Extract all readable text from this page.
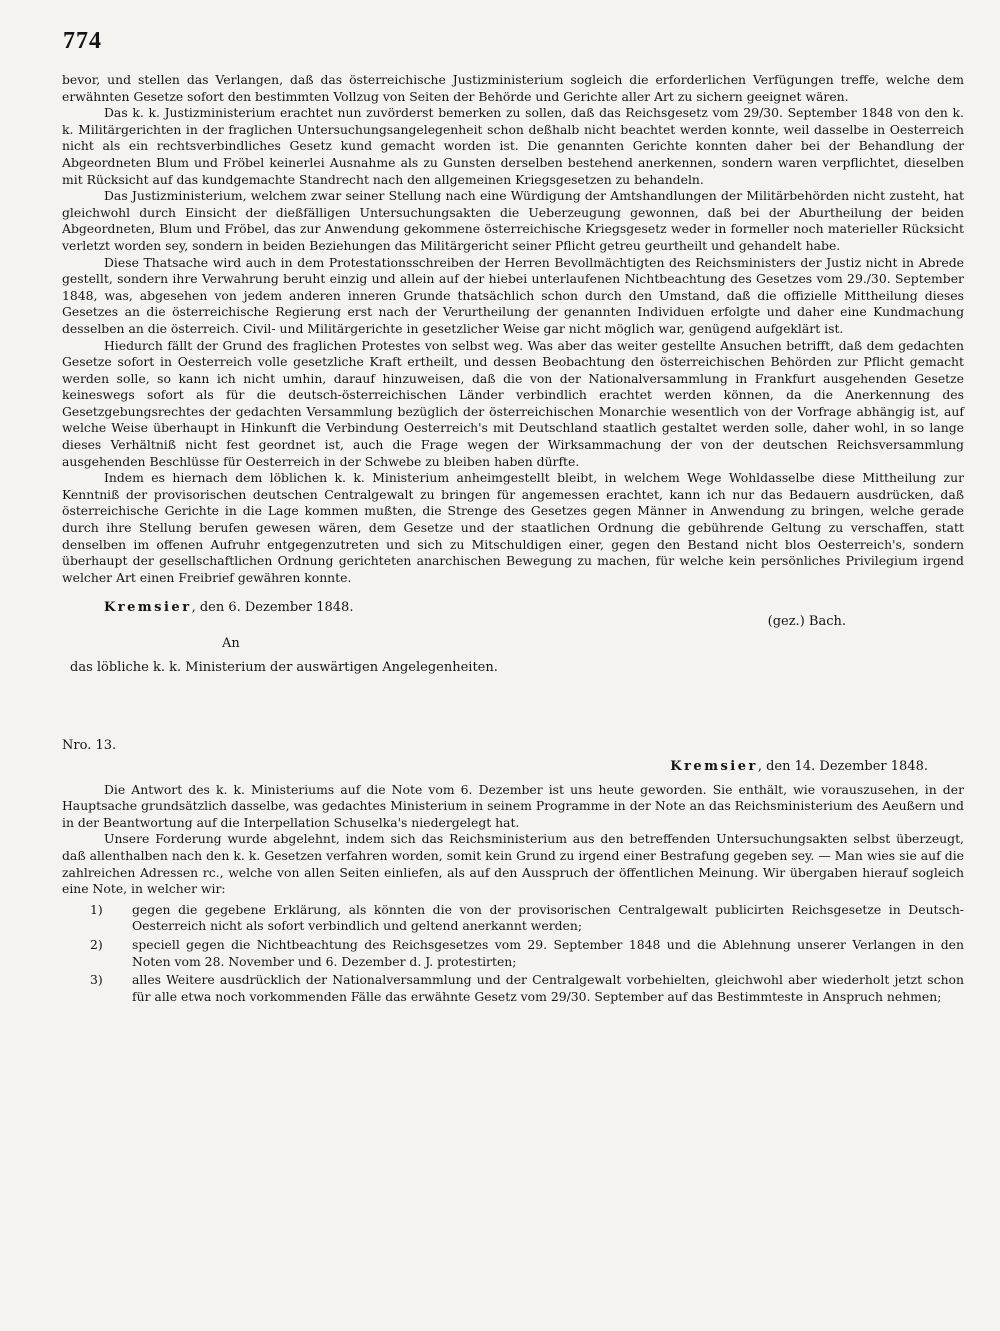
774

bevor, und stellen das Verlangen, daß das österreichische Justizministerium sogleich die erforderlichen Verfügungen treffe, welche dem erwähnten Gesetze sofort den bestimmten Vollzug von Seiten der Behörde und Gerichte aller Art zu sichern geeignet wären.

Das k. k. Justizministerium erachtet nun zuvörderst bemerken zu sollen, daß das Reichsgesetz vom 29/30. September 1848 von den k. k. Militärgerichten in der fraglichen Untersuchungsangelegenheit schon deßhalb nicht beachtet werden konnte, weil dasselbe in Oesterreich nicht als ein rechtsverbindliches Gesetz kund gemacht worden ist. Die genannten Gerichte konnten daher bei der Behandlung der Abgeordneten Blum und Fröbel keinerlei Ausnahme als zu Gunsten derselben bestehend anerkennen, sondern waren verpflichtet, dieselben mit Rücksicht auf das kundgemachte Standrecht nach den allgemeinen Kriegsgesetzen zu behandeln.

Das Justizministerium, welchem zwar seiner Stellung nach eine Würdigung der Amtshandlungen der Militärbehörden nicht zusteht, hat gleichwohl durch Einsicht der dießfälligen Untersuchungsakten die Ueberzeugung gewonnen, daß bei der Aburtheilung der beiden Abgeordneten, Blum und Fröbel, das zur Anwendung gekommene österreichische Kriegsgesetz weder in formeller noch materieller Rücksicht verletzt worden sey, sondern in beiden Beziehungen das Militärgericht seiner Pflicht getreu geurtheilt und gehandelt habe.

Diese Thatsache wird auch in dem Protestationsschreiben der Herren Bevollmächtigten des Reichsministers der Justiz nicht in Abrede gestellt, sondern ihre Verwahrung beruht einzig und allein auf der hiebei unterlaufenen Nichtbeachtung des Gesetzes vom 29./30. September 1848, was, abgesehen von jedem anderen inneren Grunde thatsächlich schon durch den Umstand, daß die offizielle Mittheilung dieses Gesetzes an die österreichische Regierung erst nach der Verurtheilung der genannten Individuen erfolgte und daher eine Kundmachung desselben an die österreich. Civil- und Militärgerichte in gesetzlicher Weise gar nicht möglich war, genügend aufgeklärt ist.

Hiedurch fällt der Grund des fraglichen Protestes von selbst weg. Was aber das weiter gestellte Ansuchen betrifft, daß dem gedachten Gesetze sofort in Oesterreich volle gesetzliche Kraft ertheilt, und dessen Beobachtung den österreichischen Behörden zur Pflicht gemacht werden solle, so kann ich nicht umhin, darauf hinzuweisen, daß die von der Nationalversammlung in Frankfurt ausgehenden Gesetze keineswegs sofort als für die deutsch-österreichischen Länder verbindlich erachtet werden können, da die Anerkennung des Gesetzgebungsrechtes der gedachten Versammlung bezüglich der österreichischen Monarchie wesentlich von der Vorfrage abhängig ist, auf welche Weise überhaupt in Hinkunft die Verbindung Oesterreich's mit Deutschland staatlich gestaltet werden solle, daher wohl, in so lange dieses Verhältniß nicht fest geordnet ist, auch die Frage wegen der Wirksammachung der von der deutschen Reichsversammlung ausgehenden Beschlüsse für Oesterreich in der Schwebe zu bleiben haben dürfte.

Indem es hiernach dem löblichen k. k. Ministerium anheimgestellt bleibt, in welchem Wege Wohldasselbe diese Mittheilung zur Kenntniß der provisorischen deutschen Centralgewalt zu bringen für angemessen erachtet, kann ich nur das Bedauern ausdrücken, daß österreichische Gerichte in die Lage kommen mußten, die Strenge des Gesetzes gegen Männer in Anwendung zu bringen, welche gerade durch ihre Stellung berufen gewesen wären, dem Gesetze und der staatlichen Ordnung die gebührende Geltung zu verschaffen, statt denselben im offenen Aufruhr entgegenzutreten und sich zu Mitschuldigen einer, gegen den Bestand nicht blos Oesterreich's, sondern überhaupt der gesellschaftlichen Ordnung gerichteten anarchischen Bewegung zu machen, für welche kein persönliches Privilegium irgend welcher Art einen Freibrief gewähren konnte.

Kremsier, den 6. Dezember 1848.
(gez.) Bach.
An
das löbliche k. k. Ministerium der auswärtigen Angelegenheiten.
Nro. 13.
Kremsier, den 14. Dezember 1848.

Die Antwort des k. k. Ministeriums auf die Note vom 6. Dezember ist uns heute geworden. Sie enthält, wie vorauszusehen, in der Hauptsache grundsätzlich dasselbe, was gedachtes Ministerium in seinem Programme in der Note an das Reichsministerium des Aeußern und in der Beantwortung auf die Interpellation Schuselka's niedergelegt hat.

Unsere Forderung wurde abgelehnt, indem sich das Reichsministerium aus den betreffenden Untersuchungsakten selbst überzeugt, daß allenthalben nach den k. k. Gesetzen verfahren worden, somit kein Grund zu irgend einer Bestrafung gegeben sey. — Man wies sie auf die zahlreichen Adressen rc., welche von allen Seiten einliefen, als auf den Ausspruch der öffentlichen Meinung. Wir übergaben hierauf sogleich eine Note, in welcher wir:

1)	gegen die gegebene Erklärung, als könnten die von der provisorischen Centralgewalt publicirten Reichsgesetze in Deutsch-Oesterreich nicht als sofort verbindlich und geltend anerkannt werden;
2)	speciell gegen die Nichtbeachtung des Reichsgesetzes vom 29. September 1848 und die Ablehnung unserer Verlangen in den Noten vom 28. November und 6. Dezember d. J. protestirten;
3)	alles Weitere ausdrücklich der Nationalversammlung und der Centralgewalt vorbehielten, gleichwohl aber wiederholt jetzt schon für alle etwa noch vorkommenden Fälle das erwähnte Gesetz vom 29/30. September auf das Bestimmteste in Anspruch nehmen;
